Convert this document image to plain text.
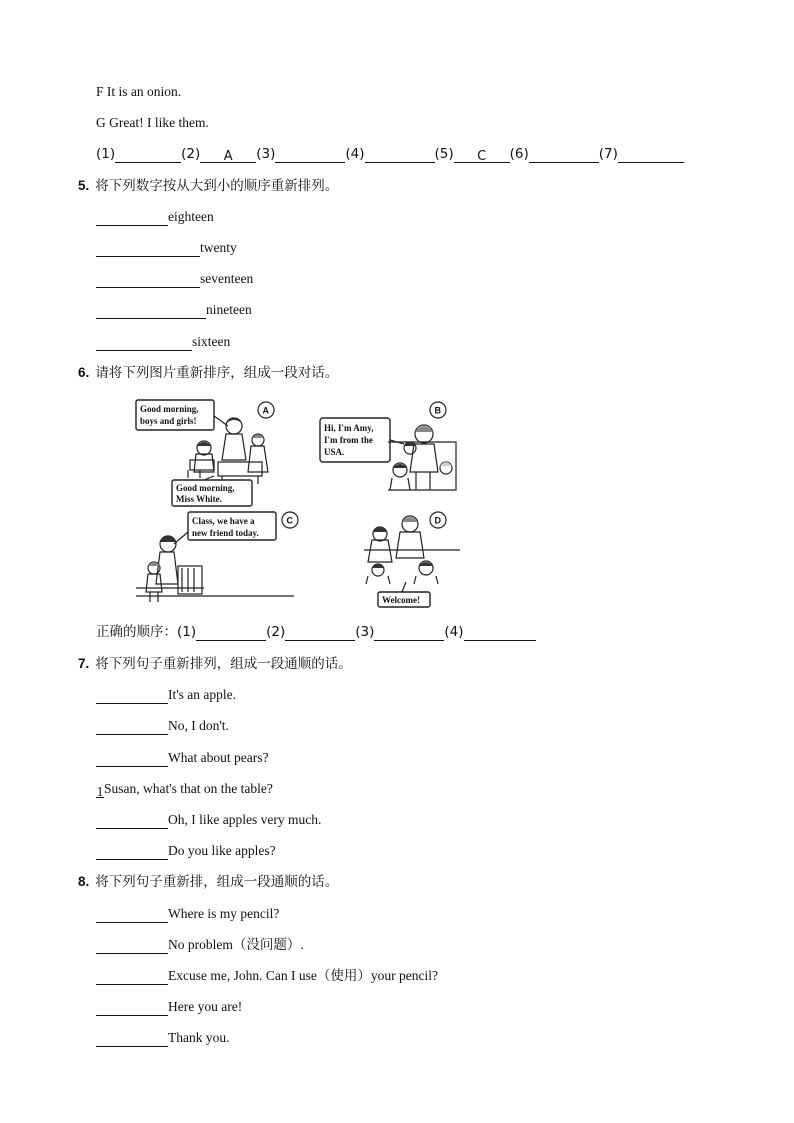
F It is an onion.
G Great! I like them.
(1)	(2) A (3)	(4)	(5) C (6)	(7)
5. 将下列数字按从大到小的顺序重新排列。
eighteen
twenty
seventeen
nineteen
sixteen
6. 请将下列图片重新排序，组成一段对话。
Good morning,
boys and girls!
A
Good morning,
Miss White.
Hi, I'm Amy,
I'm from the
USA.
B
Class, we have a
new friend today.
C	D
Welcome!
正确的顺序：(1)	(2)	(3)	(4)
7. 将下列句子重新排列，组成一段通顺的话。
It's an apple.
No, I don't.
What about pears?
1Susan, what's that on the table?
Oh, I like apples very much.
Do you like apples?
8. 将下列句子重新排，组成一段通顺的话。
Where is my pencil?
No problem（没问题）.
Excuse me, John. Can I use（使用）your pencil?
Here you are!
Thank you.
